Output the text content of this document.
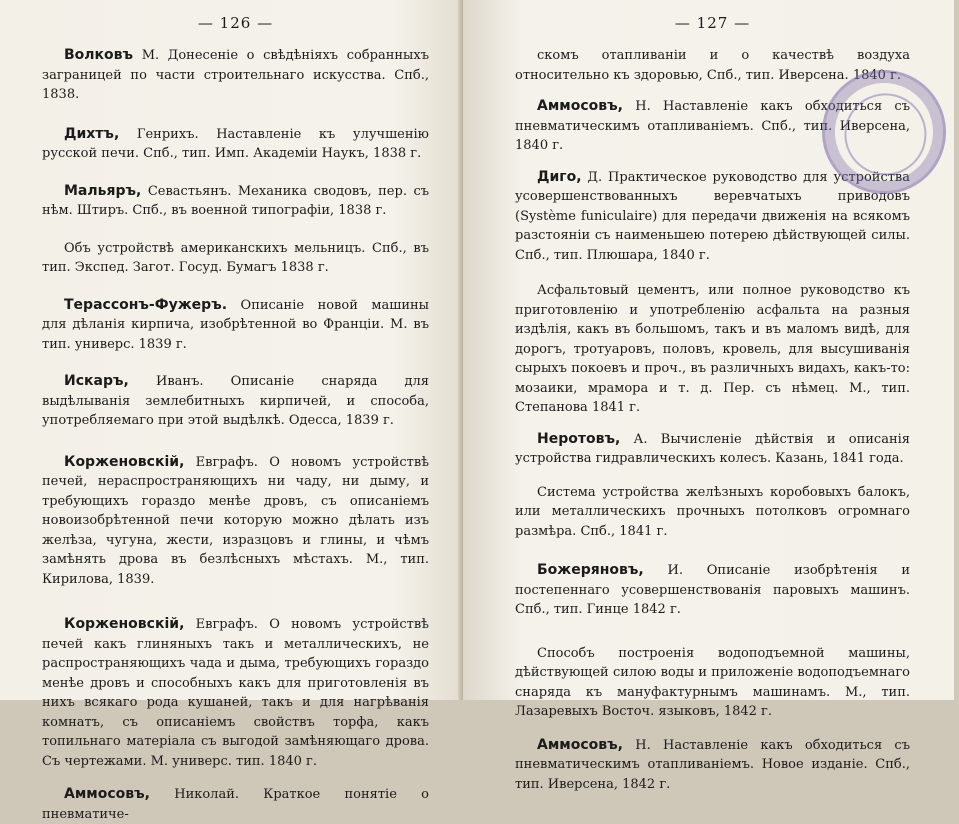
— 126 —

Волковъ М. Донесеніе о свѣдѣніяхъ собранныхъ заграницей по части строительнаго искусства. Спб., 1838.

Дихтъ, Генрихъ. Наставленіе къ улучшенію русской печи. Спб., тип. Имп. Академіи Наукъ, 1838 г.

Мальяръ, Севастьянъ. Механика сводовъ, пер. съ нѣм. Штиръ. Спб., въ военной типографіи, 1838 г.

Объ устройствѣ американскихъ мельницъ. Спб., въ тип. Экспед. Загот. Госуд. Бумагъ 1838 г.

Терассонъ-Фужеръ. Описаніе новой машины для дѣланія кирпича, изобрѣтенной во Франціи. М. въ тип. универс. 1839 г.

Искаръ, Иванъ. Описаніе снаряда для выдѣлыванія землебитныхъ кирпичей, и способа, употребляемаго при этой выдѣлкѣ. Одесса, 1839 г.

Корженовскій, Евграфъ. О новомъ устройствѣ печей, нераспространяющихъ ни чаду, ни дыму, и требующихъ гораздо менѣе дровъ, съ описаніемъ новоизобрѣтенной печи которую можно дѣлать изъ желѣза, чугуна, жести, изразцовъ и глины, и чѣмъ замѣнять дрова въ безлѣсныхъ мѣстахъ. М., тип. Кирилова, 1839.

Корженовскій, Евграфъ. О новомъ устройствѣ печей какъ глиняныхъ такъ и металлическихъ, не распространяющихъ чада и дыма, требующихъ гораздо менѣе дровъ и способныхъ какъ для приготовленія въ нихъ всякаго рода кушаней, такъ и для нагрѣванія комнатъ, съ описаніемъ свойствъ торфа, какъ топильнаго матеріала съ выгодой замѣняющаго дрова. Съ чертежами. М. универс. тип. 1840 г.

Аммосовъ, Николай. Краткое понятіе о пневматиче-

— 127 —

скомъ отапливаніи и о качествѣ воздуха относительно къ здоровью, Спб., тип. Иверсена. 1840 г.

Аммосовъ, Н. Наставленіе какъ обходиться съ пневматическимъ отапливаніемъ. Спб., тип. Иверсена, 1840 г.

Диго, Д. Практическое руководство для устройства усовершенствованныхъ веревчатыхъ приводовъ (Système funiculaire) для передачи движенія на всякомъ разстояніи съ наименьшею потерею дѣйствующей силы. Спб., тип. Плюшара, 1840 г.

Асфальтовый цементъ, или полное руководство къ приготовленію и употребленію асфальта на разныя издѣлія, какъ въ большомъ, такъ и въ маломъ видѣ, для дорогъ, тротуаровъ, половъ, кровель, для высушиванія сырыхъ покоевъ и проч., въ различныхъ видахъ, какъ-то: мозаики, мрамора и т. д. Пер. съ нѣмец. М., тип. Степанова 1841 г.

Неротовъ, А. Вычисленіе дѣйствія и описанія устройства гидравлическихъ колесъ. Казань, 1841 года.

Система устройства желѣзныхъ коробовыхъ балокъ, или металлическихъ прочныхъ потолковъ огромнаго размѣра. Спб., 1841 г.

Божеряновъ, И. Описаніе изобрѣтенія и постепеннаго усовершенствованія паровыхъ машинъ. Спб., тип. Гинце 1842 г.

Способъ построенія водоподъемной машины, дѣйствующей силою воды и приложеніе водоподъемнаго снаряда къ мануфактурнымъ машинамъ. М., тип. Лазаревыхъ Восточ. языковъ, 1842 г.

Аммосовъ, Н. Наставленіе какъ обходиться съ пневматическимъ отапливаніемъ. Новое изданіе. Спб., тип. Иверсена, 1842 г.
